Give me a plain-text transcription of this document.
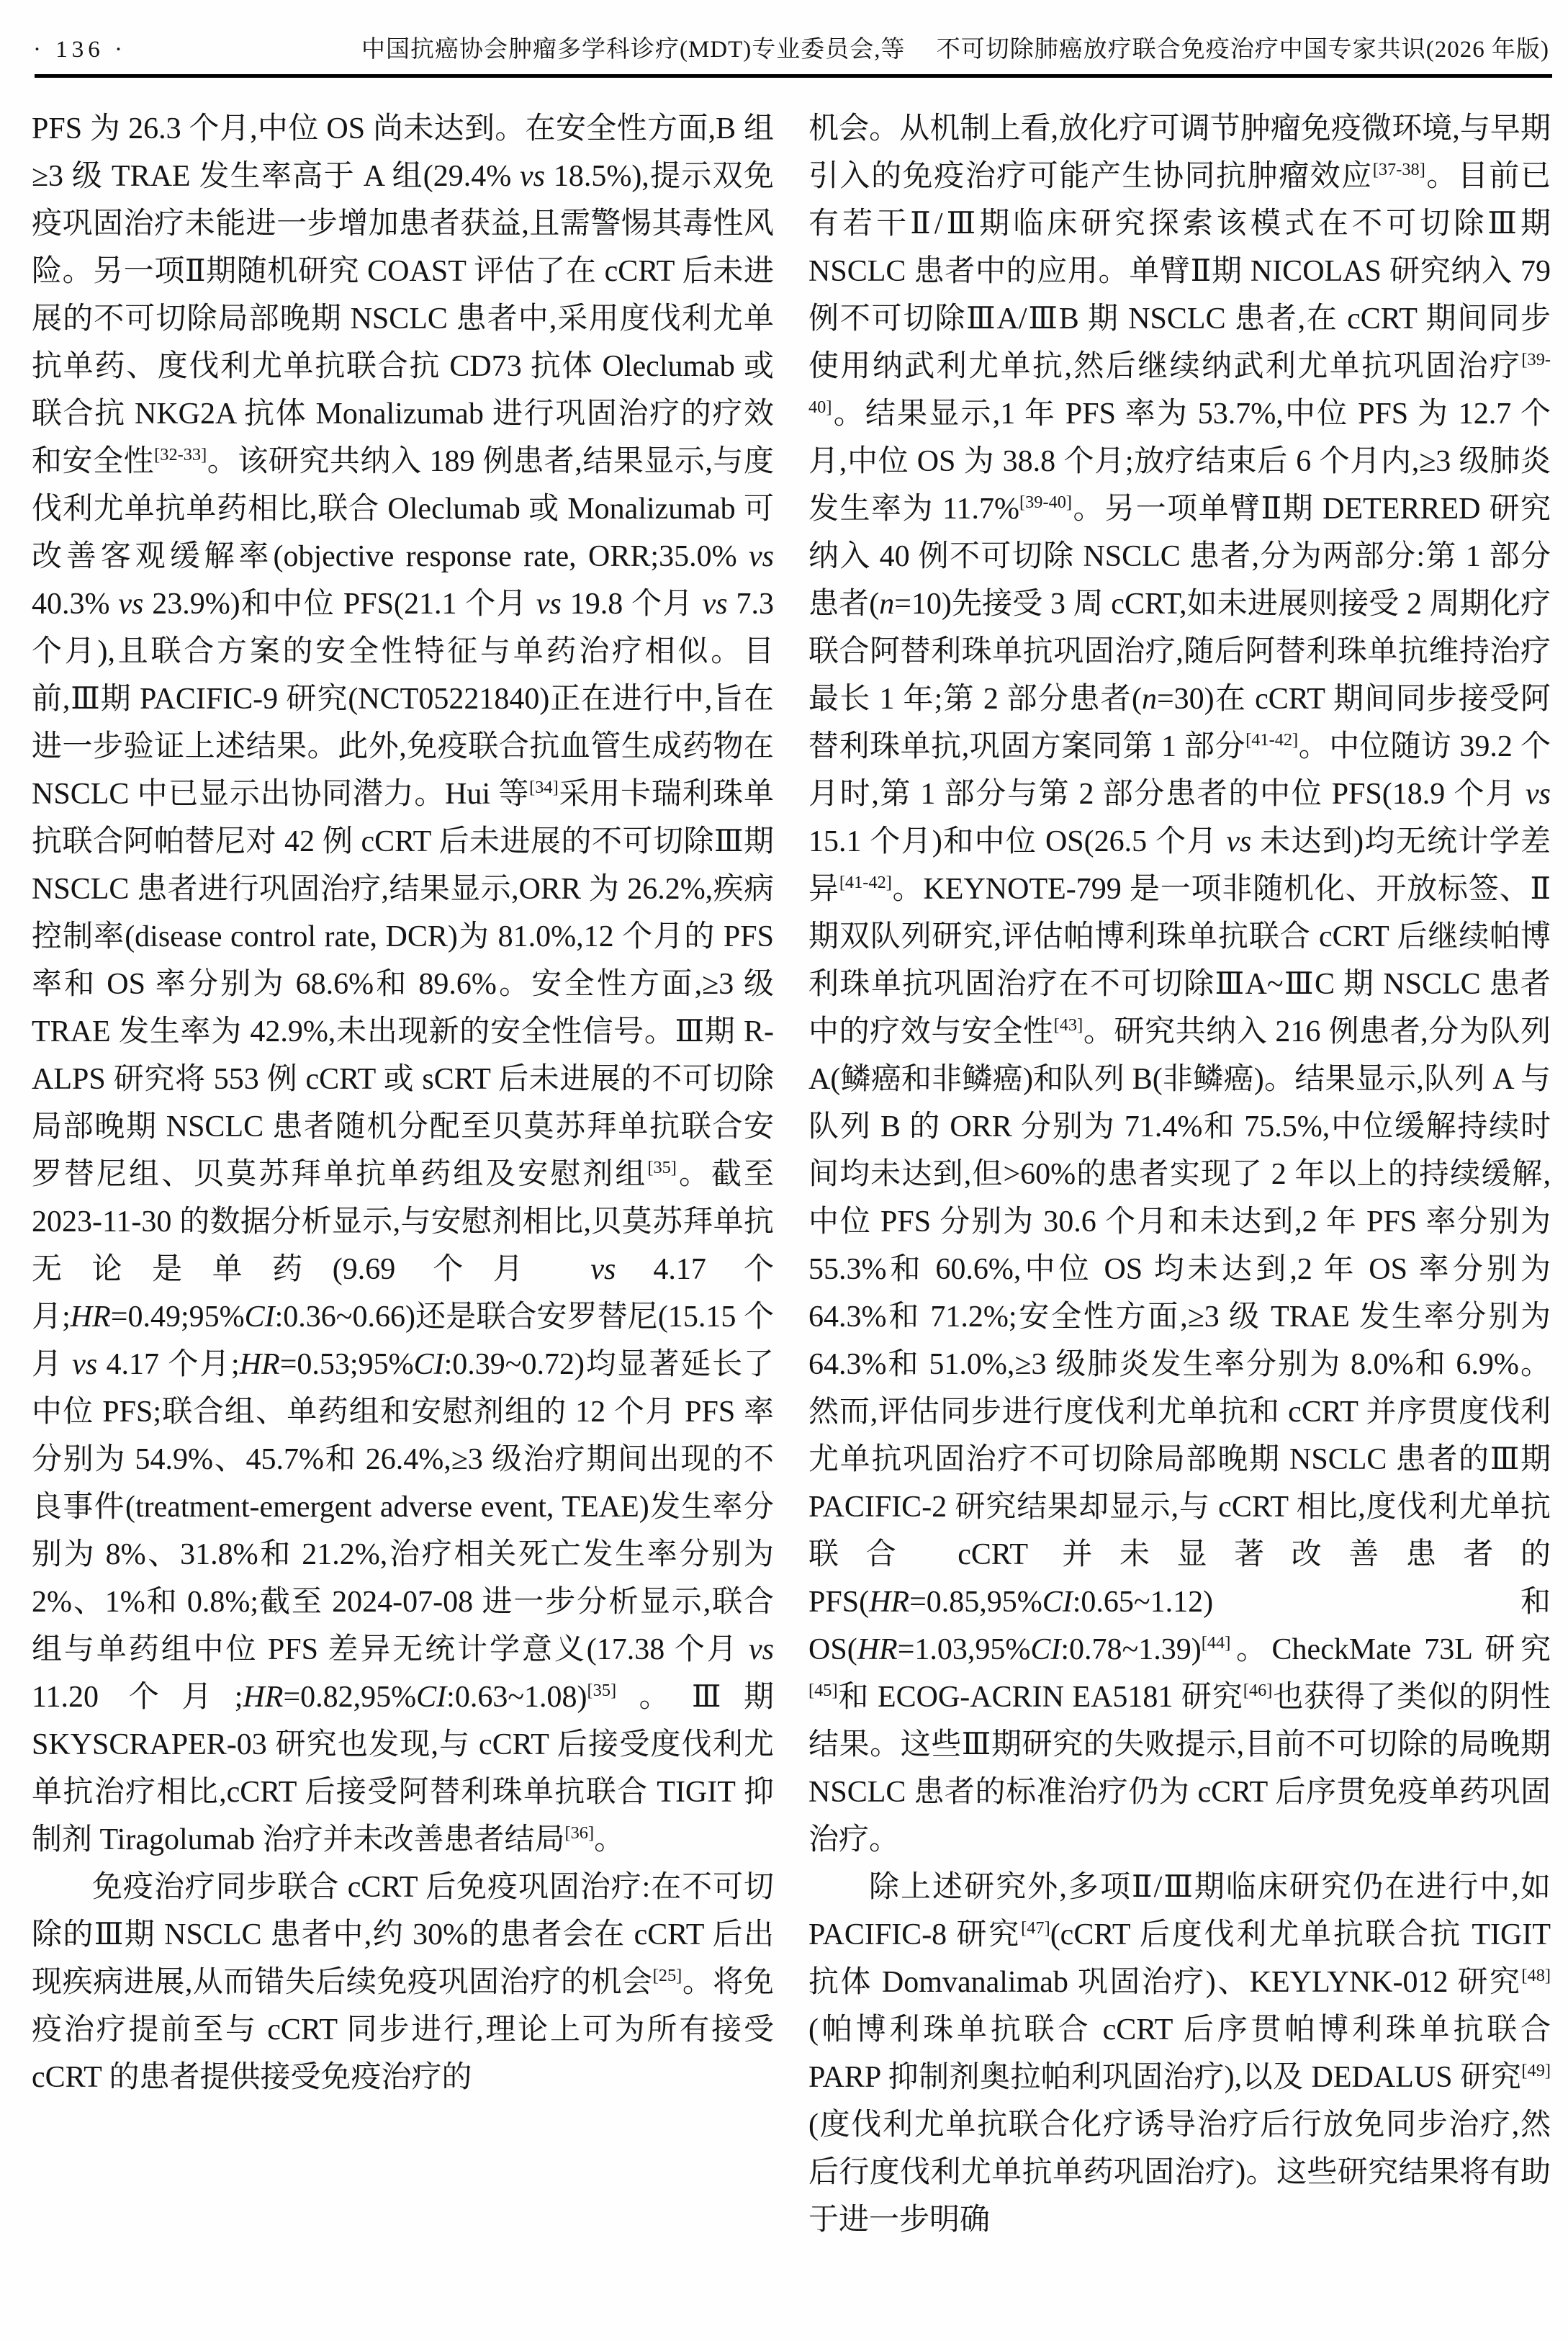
· 136 ·	中国抗癌协会肿瘤多学科诊疗(MDT)专业委员会,等 不可切除肺癌放疗联合免疫治疗中国专家共识(2026 年版)

PFS 为 26.3 个月,中位 OS 尚未达到。在安全性方面,B 组≥3 级 TRAE 发生率高于 A 组(29.4% vs 18.5%),提示双免疫巩固治疗未能进一步增加患者获益,且需警惕其毒性风险。另一项Ⅱ期随机研究 COAST 评估了在 cCRT 后未进展的不可切除局部晚期 NSCLC 患者中,采用度伐利尤单抗单药、度伐利尤单抗联合抗 CD73 抗体 Oleclumab 或联合抗 NKG2A 抗体 Monalizumab 进行巩固治疗的疗效和安全性[32-33]。该研究共纳入 189 例患者,结果显示,与度伐利尤单抗单药相比,联合 Oleclumab 或 Monalizumab 可改善客观缓解率(objective response rate, ORR;35.0% vs 40.3% vs 23.9%)和中位 PFS(21.1 个月 vs 19.8 个月 vs 7.3 个月),且联合方案的安全性特征与单药治疗相似。目前,Ⅲ期 PACIFIC-9 研究(NCT05221840)正在进行中,旨在进一步验证上述结果。此外,免疫联合抗血管生成药物在 NSCLC 中已显示出协同潜力。Hui 等[34]采用卡瑞利珠单抗联合阿帕替尼对 42 例 cCRT 后未进展的不可切除Ⅲ期 NSCLC 患者进行巩固治疗,结果显示,ORR 为 26.2%,疾病控制率(disease control rate, DCR)为 81.0%,12 个月的 PFS 率和 OS 率分别为 68.6%和 89.6%。安全性方面,≥3 级 TRAE 发生率为 42.9%,未出现新的安全性信号。Ⅲ期 R-ALPS 研究将 553 例 cCRT 或 sCRT 后未进展的不可切除局部晚期 NSCLC 患者随机分配至贝莫苏拜单抗联合安罗替尼组、贝莫苏拜单抗单药组及安慰剂组[35]。截至 2023-11-30 的数据分析显示,与安慰剂相比,贝莫苏拜单抗无论是单药(9.69 个月 vs 4.17 个月;HR=0.49;95%CI:0.36~0.66)还是联合安罗替尼(15.15 个月 vs 4.17 个月;HR=0.53;95%CI:0.39~0.72)均显著延长了中位 PFS;联合组、单药组和安慰剂组的 12 个月 PFS 率分别为 54.9%、45.7%和 26.4%,≥3 级治疗期间出现的不良事件(treatment-emergent adverse event, TEAE)发生率分别为 8%、31.8%和 21.2%,治疗相关死亡发生率分别为 2%、1%和 0.8%;截至 2024-07-08 进一步分析显示,联合组与单药组中位 PFS 差异无统计学意义(17.38 个月 vs 11.20 个月;HR=0.82,95%CI:0.63~1.08)[35]。Ⅲ期 SKYSCRAPER-03 研究也发现,与 cCRT 后接受度伐利尤单抗治疗相比,cCRT 后接受阿替利珠单抗联合 TIGIT 抑制剂 Tiragolumab 治疗并未改善患者结局[36]。

免疫治疗同步联合 cCRT 后免疫巩固治疗:在不可切除的Ⅲ期 NSCLC 患者中,约 30%的患者会在 cCRT 后出现疾病进展,从而错失后续免疫巩固治疗的机会[25]。将免疫治疗提前至与 cCRT 同步进行,理论上可为所有接受 cCRT 的患者提供接受免疫治疗的

机会。从机制上看,放化疗可调节肿瘤免疫微环境,与早期引入的免疫治疗可能产生协同抗肿瘤效应[37-38]。目前已有若干Ⅱ/Ⅲ期临床研究探索该模式在不可切除Ⅲ期 NSCLC 患者中的应用。单臂Ⅱ期 NICOLAS 研究纳入 79 例不可切除ⅢA/ⅢB 期 NSCLC 患者,在 cCRT 期间同步使用纳武利尤单抗,然后继续纳武利尤单抗巩固治疗[39-40]。结果显示,1 年 PFS 率为 53.7%,中位 PFS 为 12.7 个月,中位 OS 为 38.8 个月;放疗结束后 6 个月内,≥3 级肺炎发生率为 11.7%[39-40]。另一项单臂Ⅱ期 DETERRED 研究纳入 40 例不可切除 NSCLC 患者,分为两部分:第 1 部分患者(n=10)先接受 3 周 cCRT,如未进展则接受 2 周期化疗联合阿替利珠单抗巩固治疗,随后阿替利珠单抗维持治疗最长 1 年;第 2 部分患者(n=30)在 cCRT 期间同步接受阿替利珠单抗,巩固方案同第 1 部分[41-42]。中位随访 39.2 个月时,第 1 部分与第 2 部分患者的中位 PFS(18.9 个月 vs 15.1 个月)和中位 OS(26.5 个月 vs 未达到)均无统计学差异[41-42]。KEYNOTE-799 是一项非随机化、开放标签、Ⅱ期双队列研究,评估帕博利珠单抗联合 cCRT 后继续帕博利珠单抗巩固治疗在不可切除ⅢA~ⅢC 期 NSCLC 患者中的疗效与安全性[43]。研究共纳入 216 例患者,分为队列 A(鳞癌和非鳞癌)和队列 B(非鳞癌)。结果显示,队列 A 与队列 B 的 ORR 分别为 71.4%和 75.5%,中位缓解持续时间均未达到,但>60%的患者实现了 2 年以上的持续缓解,中位 PFS 分别为 30.6 个月和未达到,2 年 PFS 率分别为 55.3%和 60.6%,中位 OS 均未达到,2 年 OS 率分别为 64.3%和 71.2%;安全性方面,≥3 级 TRAE 发生率分别为 64.3%和 51.0%,≥3 级肺炎发生率分别为 8.0%和 6.9%。然而,评估同步进行度伐利尤单抗和 cCRT 并序贯度伐利尤单抗巩固治疗不可切除局部晚期 NSCLC 患者的Ⅲ期 PACIFIC-2 研究结果却显示,与 cCRT 相比,度伐利尤单抗联合 cCRT 并未显著改善患者的 PFS(HR=0.85,95%CI:0.65~1.12)和 OS(HR=1.03,95%CI:0.78~1.39)[44]。CheckMate 73L 研究[45]和 ECOG-ACRIN EA5181 研究[46]也获得了类似的阴性结果。这些Ⅲ期研究的失败提示,目前不可切除的局晚期 NSCLC 患者的标准治疗仍为 cCRT 后序贯免疫单药巩固治疗。

除上述研究外,多项Ⅱ/Ⅲ期临床研究仍在进行中,如 PACIFIC-8 研究[47](cCRT 后度伐利尤单抗联合抗 TIGIT 抗体 Domvanalimab 巩固治疗)、KEYLYNK-012 研究[48](帕博利珠单抗联合 cCRT 后序贯帕博利珠单抗联合 PARP 抑制剂奥拉帕利巩固治疗),以及 DEDALUS 研究[49](度伐利尤单抗联合化疗诱导治疗后行放免同步治疗,然后行度伐利尤单抗单药巩固治疗)。这些研究结果将有助于进一步明确
